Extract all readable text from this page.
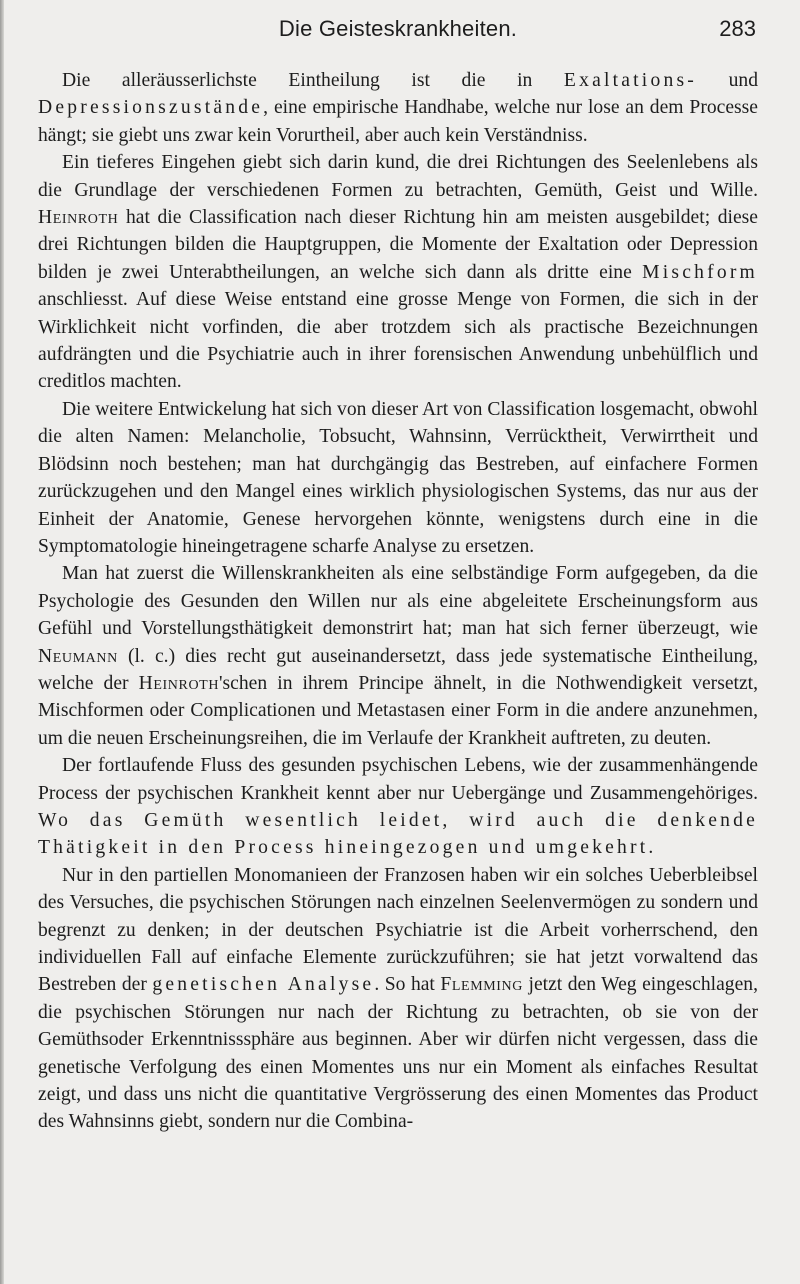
Die Geisteskrankheiten.	283

Die alleräusserlichste Eintheilung ist die in Exaltations- und Depressionszustände, eine empirische Handhabe, welche nur lose an dem Processe hängt; sie giebt uns zwar kein Vorurtheil, aber auch kein Verständniss.

Ein tieferes Eingehen giebt sich darin kund, die drei Richtungen des Seelenlebens als die Grundlage der verschiedenen Formen zu betrachten, Gemüth, Geist und Wille. Heinroth hat die Classification nach dieser Richtung hin am meisten ausgebildet; diese drei Richtungen bilden die Hauptgruppen, die Momente der Exaltation oder Depression bilden je zwei Unterabtheilungen, an welche sich dann als dritte eine Mischform anschliesst. Auf diese Weise entstand eine grosse Menge von Formen, die sich in der Wirklichkeit nicht vorfinden, die aber trotzdem sich als practische Bezeichnungen aufdrängten und die Psychiatrie auch in ihrer forensischen Anwendung unbehülflich und creditlos machten.

Die weitere Entwickelung hat sich von dieser Art von Classification losgemacht, obwohl die alten Namen: Melancholie, Tobsucht, Wahnsinn, Verrücktheit, Verwirrtheit und Blödsinn noch bestehen; man hat durchgängig das Bestreben, auf einfachere Formen zurückzugehen und den Mangel eines wirklich physiologischen Systems, das nur aus der Einheit der Anatomie, Genese hervorgehen könnte, wenigstens durch eine in die Symptomatologie hineingetragene scharfe Analyse zu ersetzen.

Man hat zuerst die Willenskrankheiten als eine selbständige Form aufgegeben, da die Psychologie des Gesunden den Willen nur als eine abgeleitete Erscheinungsform aus Gefühl und Vorstellungsthätigkeit demonstrirt hat; man hat sich ferner überzeugt, wie Neumann (l. c.) dies recht gut auseinandersetzt, dass jede systematische Eintheilung, welche der Heinroth'schen in ihrem Principe ähnelt, in die Nothwendigkeit versetzt, Mischformen oder Complicationen und Metastasen einer Form in die andere anzunehmen, um die neuen Erscheinungsreihen, die im Verlaufe der Krankheit auftreten, zu deuten.

Der fortlaufende Fluss des gesunden psychischen Lebens, wie der zusammenhängende Process der psychischen Krankheit kennt aber nur Uebergänge und Zusammengehöriges. Wo das Gemüth wesentlich leidet, wird auch die denkende Thätigkeit in den Process hineingezogen und umgekehrt.

Nur in den partiellen Monomanieen der Franzosen haben wir ein solches Ueberbleibsel des Versuches, die psychischen Störungen nach einzelnen Seelenvermögen zu sondern und begrenzt zu denken; in der deutschen Psychiatrie ist die Arbeit vorherrschend, den individuellen Fall auf einfache Elemente zurückzuführen; sie hat jetzt vorwaltend das Bestreben der genetischen Analyse. So hat Flemming jetzt den Weg eingeschlagen, die psychischen Störungen nur nach der Richtung zu betrachten, ob sie von der Gemüthsoder Erkenntnisssphäre aus beginnen. Aber wir dürfen nicht vergessen, dass die genetische Verfolgung des einen Momentes uns nur ein Moment als einfaches Resultat zeigt, und dass uns nicht die quantitative Vergrösserung des einen Momentes das Product des Wahnsinns giebt, sondern nur die Combina-
